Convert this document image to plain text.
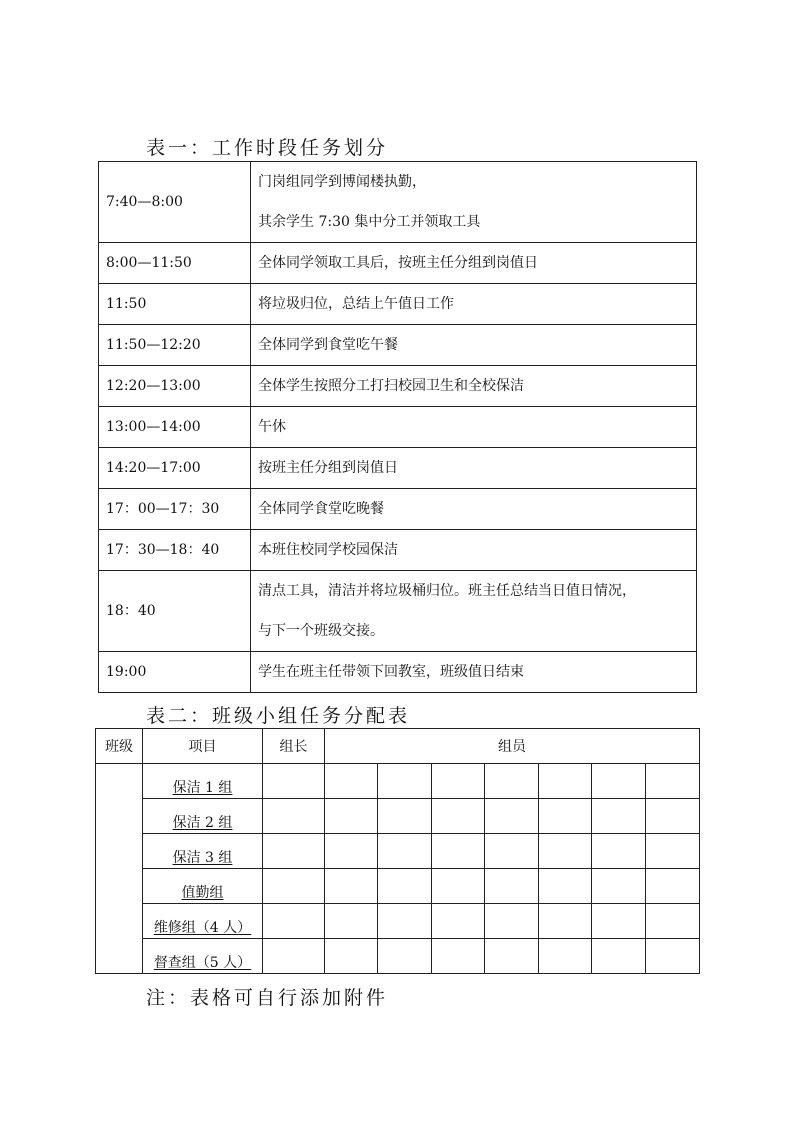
表一：工作时段任务划分
7:40—8:00	门岗组同学到博闻楼执勤，
其余学生 7:30 集中分工并领取工具

8:00—11:50	全体同学领取工具后，按班主任分组到岗值日
11:50	将垃圾归位，总结上午值日工作
11:50—12:20	全体同学到食堂吃午餐
12:20—13:00	全体学生按照分工打扫校园卫生和全校保洁
13:00—14:00	午休
14:20—17:00	按班主任分组到岗值日
17：00—17：30	全体同学食堂吃晚餐
17：30—18：40	本班住校同学校园保洁
18：40	清点工具，清洁并将垃圾桶归位。班主任总结当日值日情况，
与下一个班级交接。

19:00	学生在班主任带领下回教室，班级值日结束
表二：班级小组任务分配表
班级	项目	组长	组员						
	保洁 1 组								
	保洁 2 组								
	保洁 3 组								
	值勤组								
	维修组（4 人）								
	督查组（5 人）								
注：表格可自行添加附件
